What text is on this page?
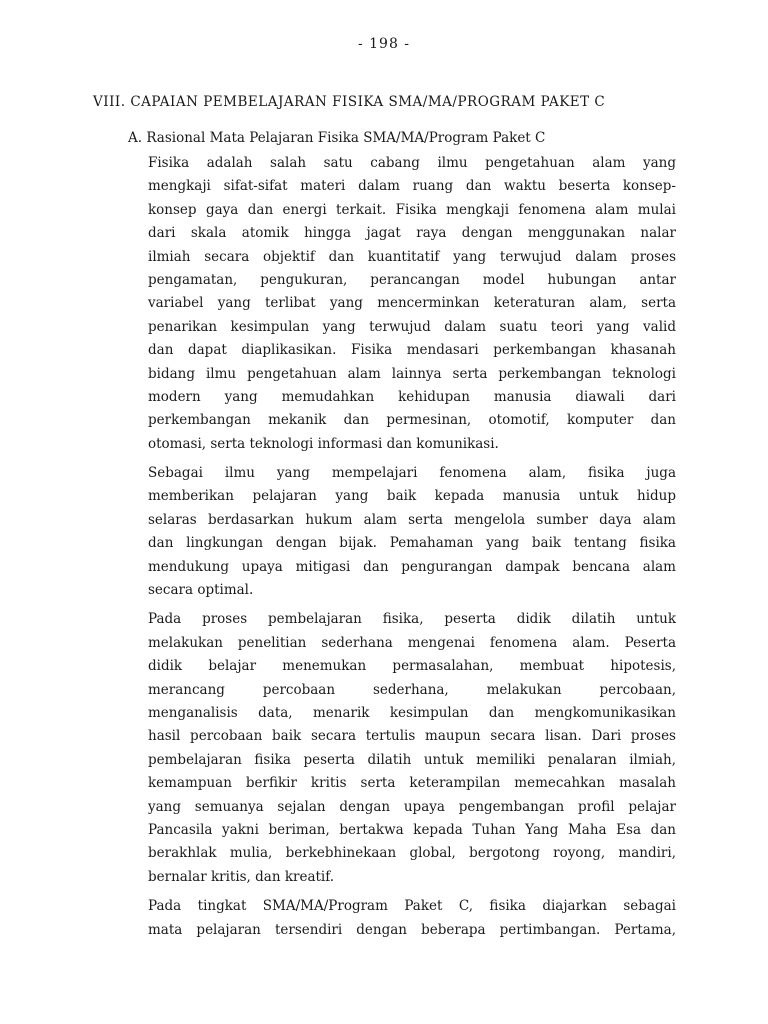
- 198 -
VIII. CAPAIAN PEMBELAJARAN FISIKA SMA/MA/PROGRAM PAKET C
A. Rasional Mata Pelajaran Fisika SMA/MA/Program Paket C
Fisika adalah salah satu cabang ilmu pengetahuan alam yang
mengkaji sifat-sifat materi dalam ruang dan waktu beserta konsep-
konsep gaya dan energi terkait. Fisika mengkaji fenomena alam mulai
dari skala atomik hingga jagat raya dengan menggunakan nalar
ilmiah secara objektif dan kuantitatif yang terwujud dalam proses
pengamatan, pengukuran, perancangan model hubungan antar
variabel yang terlibat yang mencerminkan keteraturan alam, serta
penarikan kesimpulan yang terwujud dalam suatu teori yang valid
dan dapat diaplikasikan. Fisika mendasari perkembangan khasanah
bidang ilmu pengetahuan alam lainnya serta perkembangan teknologi
modern yang memudahkan kehidupan manusia diawali dari
perkembangan mekanik dan permesinan, otomotif, komputer dan
otomasi, serta teknologi informasi dan komunikasi.
Sebagai ilmu yang mempelajari fenomena alam, fisika juga
memberikan pelajaran yang baik kepada manusia untuk hidup
selaras berdasarkan hukum alam serta mengelola sumber daya alam
dan lingkungan dengan bijak. Pemahaman yang baik tentang fisika
mendukung upaya mitigasi dan pengurangan dampak bencana alam
secara optimal.
Pada proses pembelajaran fisika, peserta didik dilatih untuk
melakukan penelitian sederhana mengenai fenomena alam. Peserta
didik belajar menemukan permasalahan, membuat hipotesis,
merancang percobaan sederhana, melakukan percobaan,
menganalisis data, menarik kesimpulan dan mengkomunikasikan
hasil percobaan baik secara tertulis maupun secara lisan. Dari proses
pembelajaran fisika peserta dilatih untuk memiliki penalaran ilmiah,
kemampuan berfikir kritis serta keterampilan memecahkan masalah
yang semuanya sejalan dengan upaya pengembangan profil pelajar
Pancasila yakni beriman, bertakwa kepada Tuhan Yang Maha Esa dan
berakhlak mulia, berkebhinekaan global, bergotong royong, mandiri,
bernalar kritis, dan kreatif.
Pada tingkat SMA/MA/Program Paket C, fisika diajarkan sebagai
mata pelajaran tersendiri dengan beberapa pertimbangan. Pertama,
